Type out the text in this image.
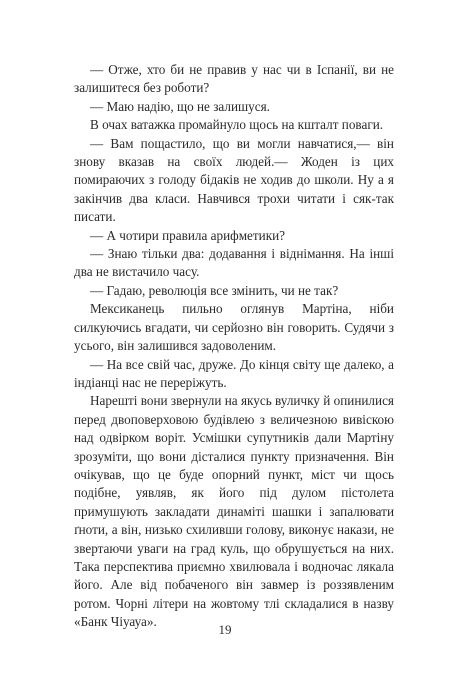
— Отже, хто би не правив у нас чи в Іспанії, ви не залишитеся без роботи?

— Маю надію, що не залишуся.

В очах ватажка промайнуло щось на кшталт поваги.

— Вам пощастило, що ви могли навчатися,— він знову вказав на своїх людей.— Жоден із цих помираючих з голоду бідаків не ходив до школи. Ну а я закінчив два класи. Навчився трохи читати і сяк-так писати.

— А чотири правила арифметики?

— Знаю тільки два: додавання і віднімання. На інші два не вистачило часу.

— Гадаю, революція все змінить, чи не так?

Мексиканець пильно оглянув Мартіна, ніби силкуючись вгадати, чи серйозно він говорить. Судячи з усього, він залишився задоволеним.

— На все свій час, друже. До кінця світу ще далеко, а індіанці нас не переріжуть.

Нарешті вони звернули на якусь вуличку й опинилися перед двоповерховою будівлею з величезною вивіскою над одвірком воріт. Усмішки супутників дали Мартіну зрозуміти, що вони дісталися пункту призначення. Він очікував, що це буде опорний пункт, міст чи щось подібне, уявляв, як його під дулом пістолета примушують закладати динаміті шашки і запалювати ґноти, а він, низько схиливши голову, виконує накази, не звертаючи уваги на град куль, що обрушується на них. Така перспектива приємно хвилювала і водночас лякала його. Але від побаченого він завмер із роззявленим ротом. Чорні літери на жовтому тлі складалися в назву «Банк Чіуауа».

19
